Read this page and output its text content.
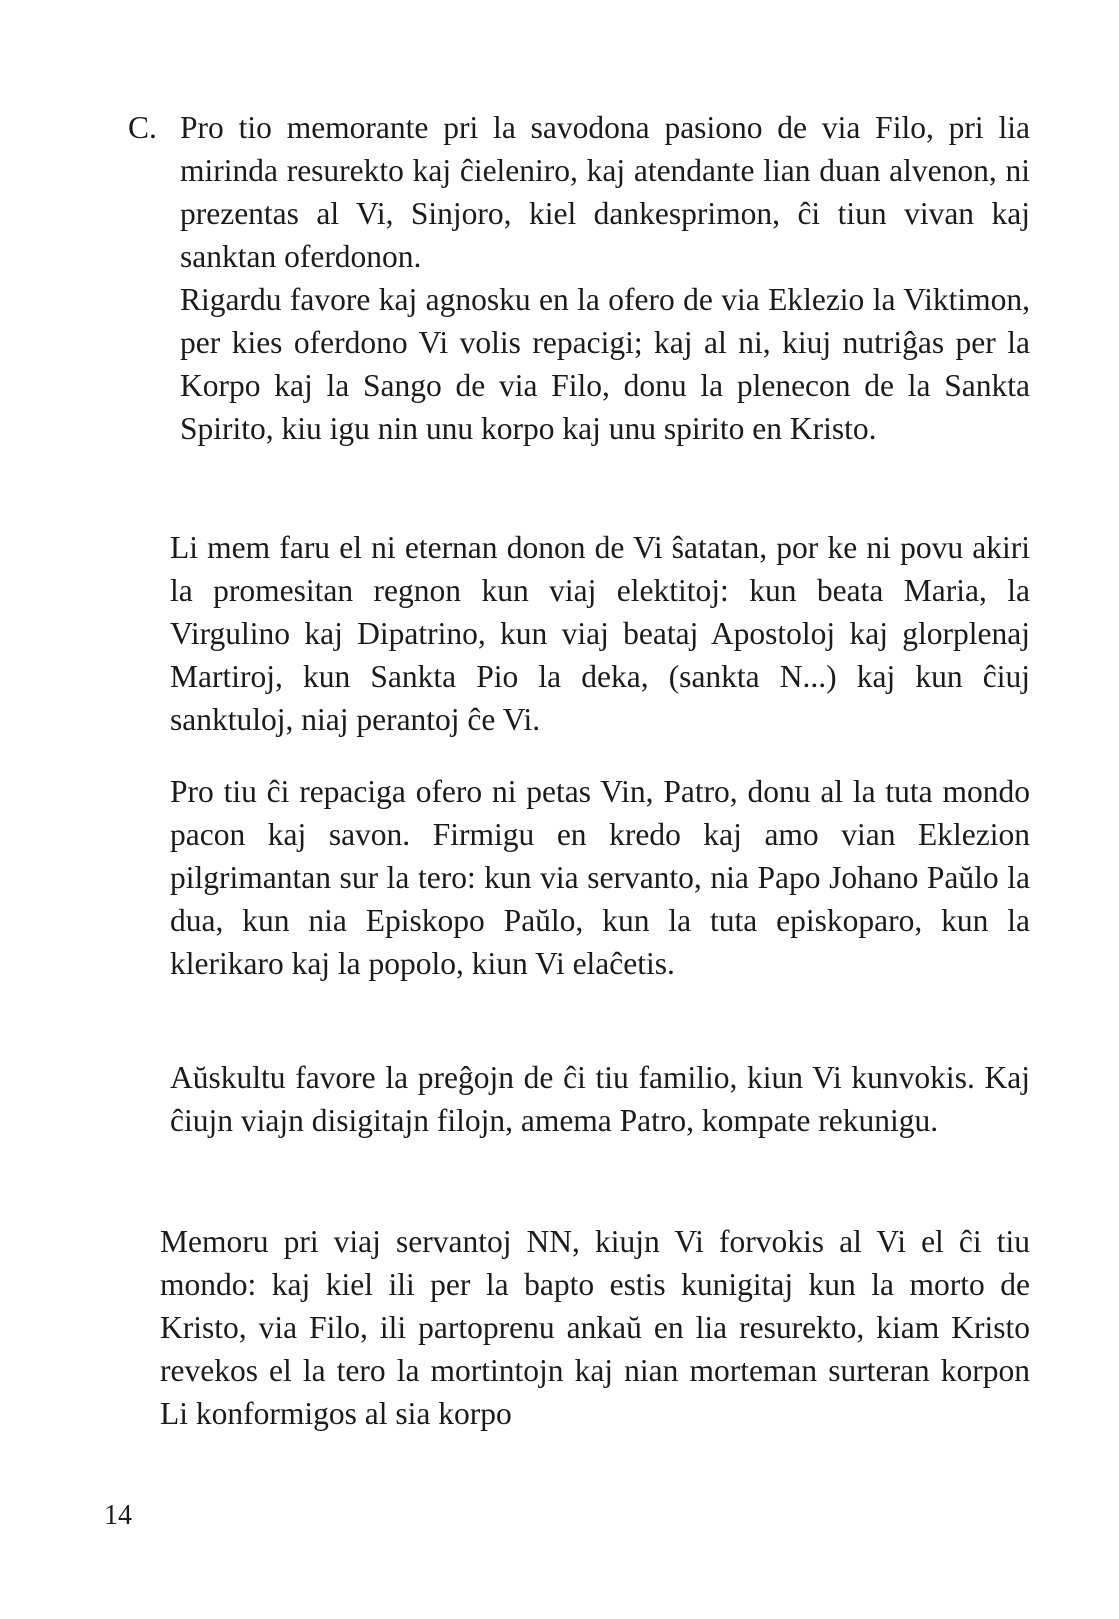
C. Pro tio memorante pri la savodona pasiono de via Filo, pri lia mirinda resurekto kaj ĉieleniro, kaj atendante lian duan alvenon, ni prezentas al Vi, Sinjoro, kiel dankesprimon, ĉi tiun vivan kaj sanktan oferdonon.

Rigardu favore kaj agnosku en la ofero de via Eklezio la Viktimon, per kies oferdono Vi volis repacigi; kaj al ni, kiuj nutriĝas per la Korpo kaj la Sango de via Filo, donu la plenecon de la Sankta Spirito, kiu igu nin unu korpo kaj unu spirito en Kristo.

Li mem faru el ni eternan donon de Vi ŝatatan, por ke ni povu akiri la promesitan regnon kun viaj elektitoj: kun beata Maria, la Virgulino kaj Dipatrino, kun viaj beataj Apostoloj kaj glorplenaj Martiroj, kun Sankta Pio la deka, (sankta N...) kaj kun ĉiuj sanktuloj, niaj perantoj ĉe Vi.

Pro tiu ĉi repaciga ofero ni petas Vin, Patro, donu al la tuta mondo pacon kaj savon. Firmigu en kredo kaj amo vian Eklezion pilgrimantan sur la tero: kun via servanto, nia Papo Johano Paŭlo la dua, kun nia Episkopo Paŭlo, kun la tuta episkoparo, kun la klerikaro kaj la popolo, kiun Vi elaĉetis.

Aŭskultu favore la preĝojn de ĉi tiu familio, kiun Vi kunvokis. Kaj ĉiujn viajn disigitajn filojn, amema Patro, kompate rekunigu.

Memoru pri viaj servantoj NN, kiujn Vi forvokis al Vi el ĉi tiu mondo: kaj kiel ili per la bapto estis kunigitaj kun la morto de Kristo, via Filo, ili partoprenu ankaŭ en lia resurekto, kiam Kristo revekos el la tero la mortintojn kaj nian morteman surteran korpon Li konformigos al sia korpo

14
